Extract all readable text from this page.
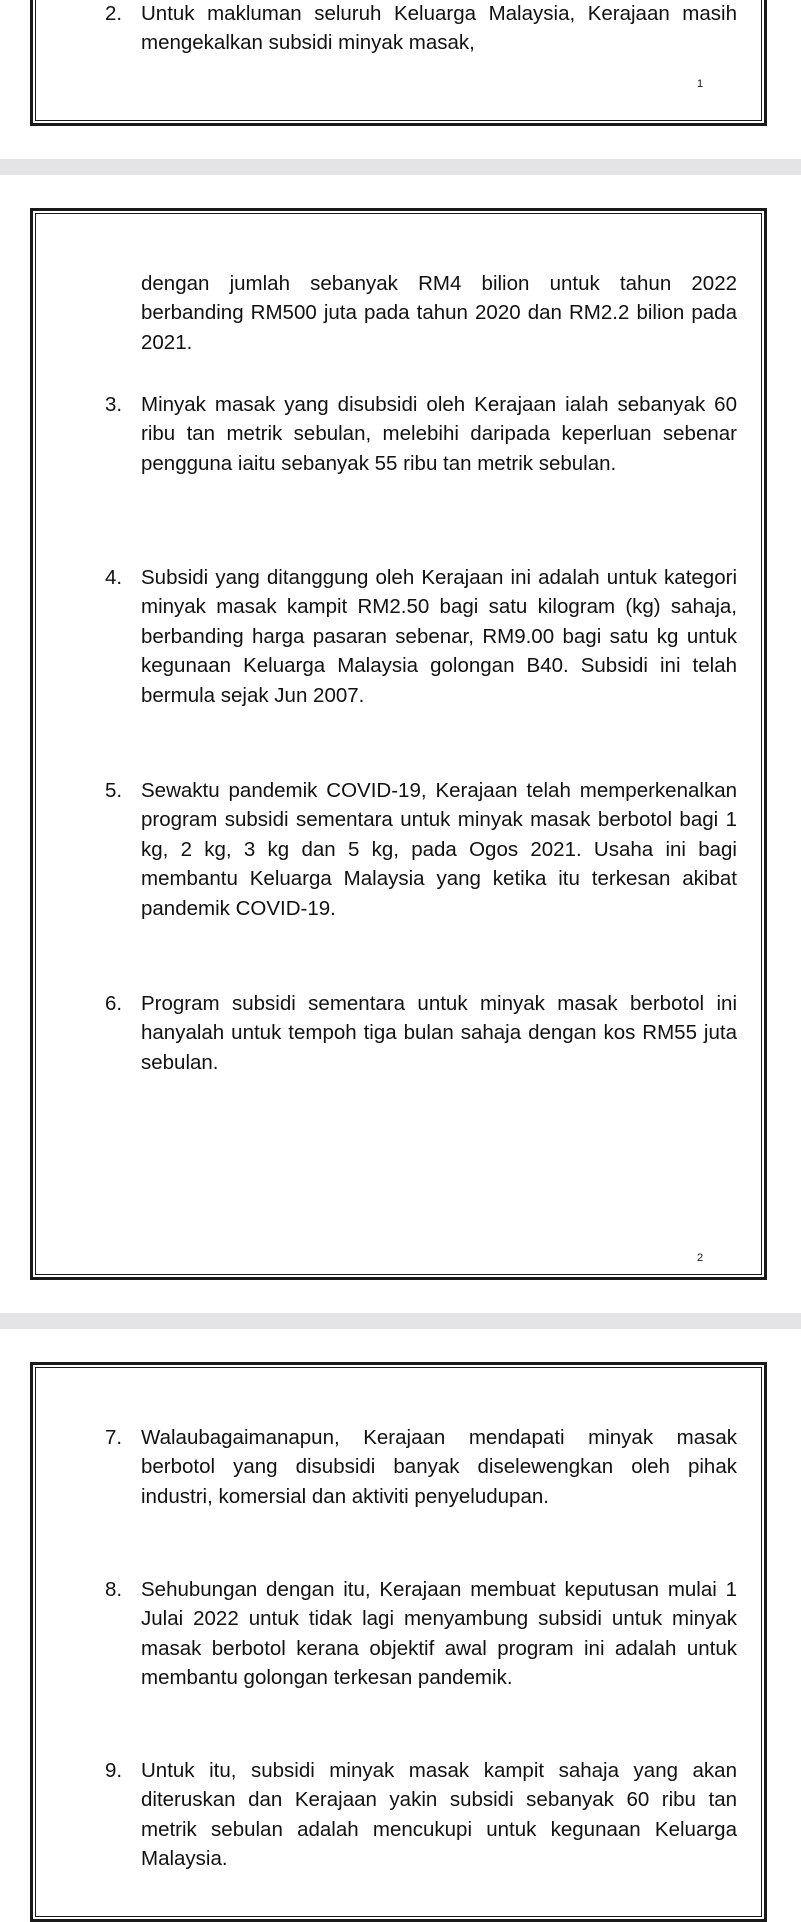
2. Untuk makluman seluruh Keluarga Malaysia, Kerajaan masih mengekalkan subsidi minyak masak,
1
dengan jumlah sebanyak RM4 bilion untuk tahun 2022 berbanding RM500 juta pada tahun 2020 dan RM2.2 bilion pada 2021.
3. Minyak masak yang disubsidi oleh Kerajaan ialah sebanyak 60 ribu tan metrik sebulan, melebihi daripada keperluan sebenar pengguna iaitu sebanyak 55 ribu tan metrik sebulan.
4. Subsidi yang ditanggung oleh Kerajaan ini adalah untuk kategori minyak masak kampit RM2.50 bagi satu kilogram (kg) sahaja, berbanding harga pasaran sebenar, RM9.00 bagi satu kg untuk kegunaan Keluarga Malaysia golongan B40. Subsidi ini telah bermula sejak Jun 2007.
5. Sewaktu pandemik COVID-19, Kerajaan telah memperkenalkan program subsidi sementara untuk minyak masak berbotol bagi 1 kg, 2 kg, 3 kg dan 5 kg, pada Ogos 2021. Usaha ini bagi membantu Keluarga Malaysia yang ketika itu terkesan akibat pandemik COVID-19.
6. Program subsidi sementara untuk minyak masak berbotol ini hanyalah untuk tempoh tiga bulan sahaja dengan kos RM55 juta sebulan.
2
7. Walaubagaimanapun, Kerajaan mendapati minyak masak berbotol yang disubsidi banyak diselewengkan oleh pihak industri, komersial dan aktiviti penyeludupan.
8. Sehubungan dengan itu, Kerajaan membuat keputusan mulai 1 Julai 2022 untuk tidak lagi menyambung subsidi untuk minyak masak berbotol kerana objektif awal program ini adalah untuk membantu golongan terkesan pandemik.
9. Untuk itu, subsidi minyak masak kampit sahaja yang akan diteruskan dan Kerajaan yakin subsidi sebanyak 60 ribu tan metrik sebulan adalah mencukupi untuk kegunaan Keluarga Malaysia.
